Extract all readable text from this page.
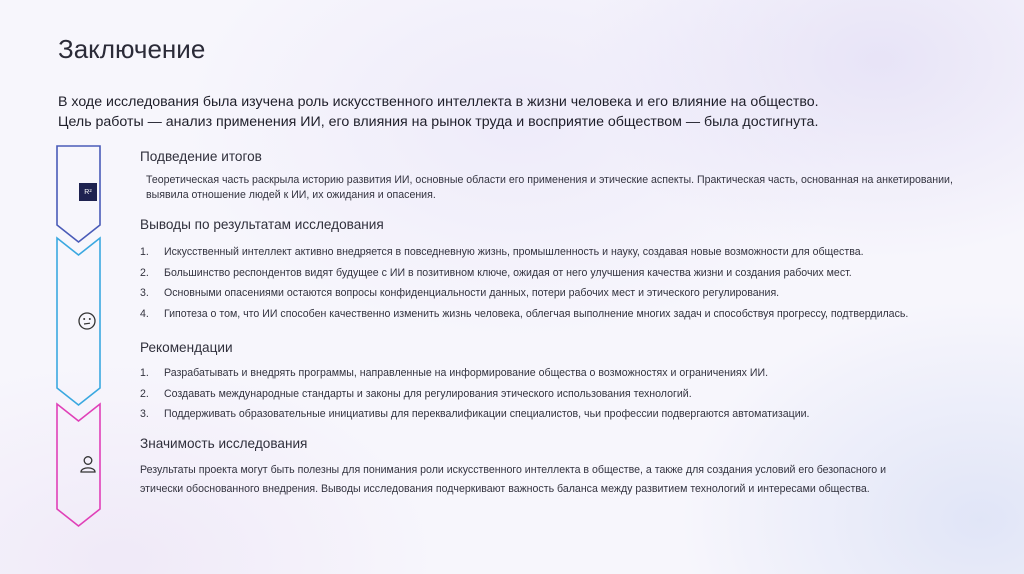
Заключение
В ходе исследования была изучена роль искусственного интеллекта в жизни человека и его влияние на общество.
Цель работы — анализ применения ИИ, его влияния на рынок труда и восприятие обществом — была достигнута.
R²
Подведение итогов
Теоретическая часть раскрыла историю развития ИИ, основные области его применения и этические аспекты. Практическая часть, основанная на анкетировании, выявила отношение людей к ИИ, их ожидания и опасения.
Выводы по результатам исследования
1.	Искусственный интеллект активно внедряется в повседневную жизнь, промышленность и науку, создавая новые возможности для общества.
2.	Большинство респондентов видят будущее с ИИ в позитивном ключе, ожидая от него улучшения качества жизни и создания рабочих мест.
3.	Основными опасениями остаются вопросы конфиденциальности данных, потери рабочих мест и этического регулирования.
4.	Гипотеза о том, что ИИ способен качественно изменить жизнь человека, облегчая выполнение многих задач и способствуя прогрессу, подтвердилась.
Рекомендации
1.	Разрабатывать и внедрять программы, направленные на информирование общества о возможностях и ограничениях ИИ.
2.	Создавать международные стандарты и законы для регулирования этического использования технологий.
3.	Поддерживать образовательные инициативы для переквалификации специалистов, чьи профессии подвергаются автоматизации.
Значимость исследования
Результаты проекта могут быть полезны для понимания роли искусственного интеллекта в обществе, а также для создания условий его безопасного и этически обоснованного внедрения. Выводы исследования подчеркивают важность баланса между развитием технологий и интересами общества.
